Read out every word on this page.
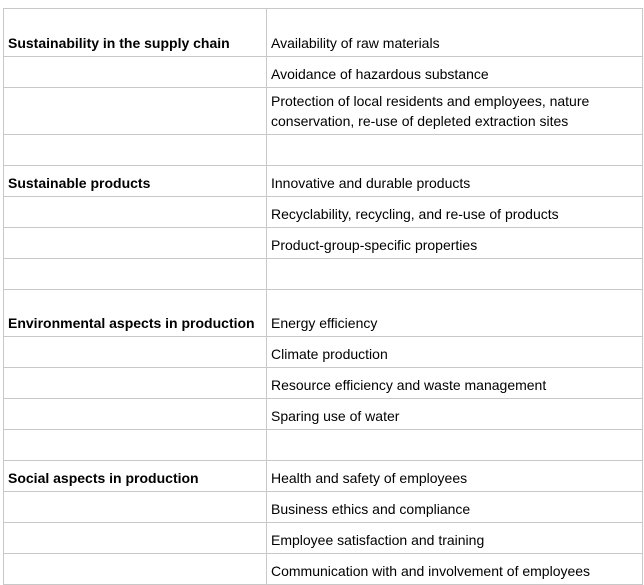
Sustainability in the supply chain	Availability of raw materials
	Avoidance of hazardous substance
	Protection of local residents and employees, nature conservation, re-use of depleted extraction sites

Sustainable products	Innovative and durable products
	Recyclability, recycling, and re-use of products
	Product-group-specific properties

Environmental aspects in production	Energy efficiency
	Climate production
	Resource efficiency and waste management
	Sparing use of water

Social aspects in production	Health and safety of employees
	Business ethics and compliance
	Employee satisfaction and training
	Communication with and involvement of employees
